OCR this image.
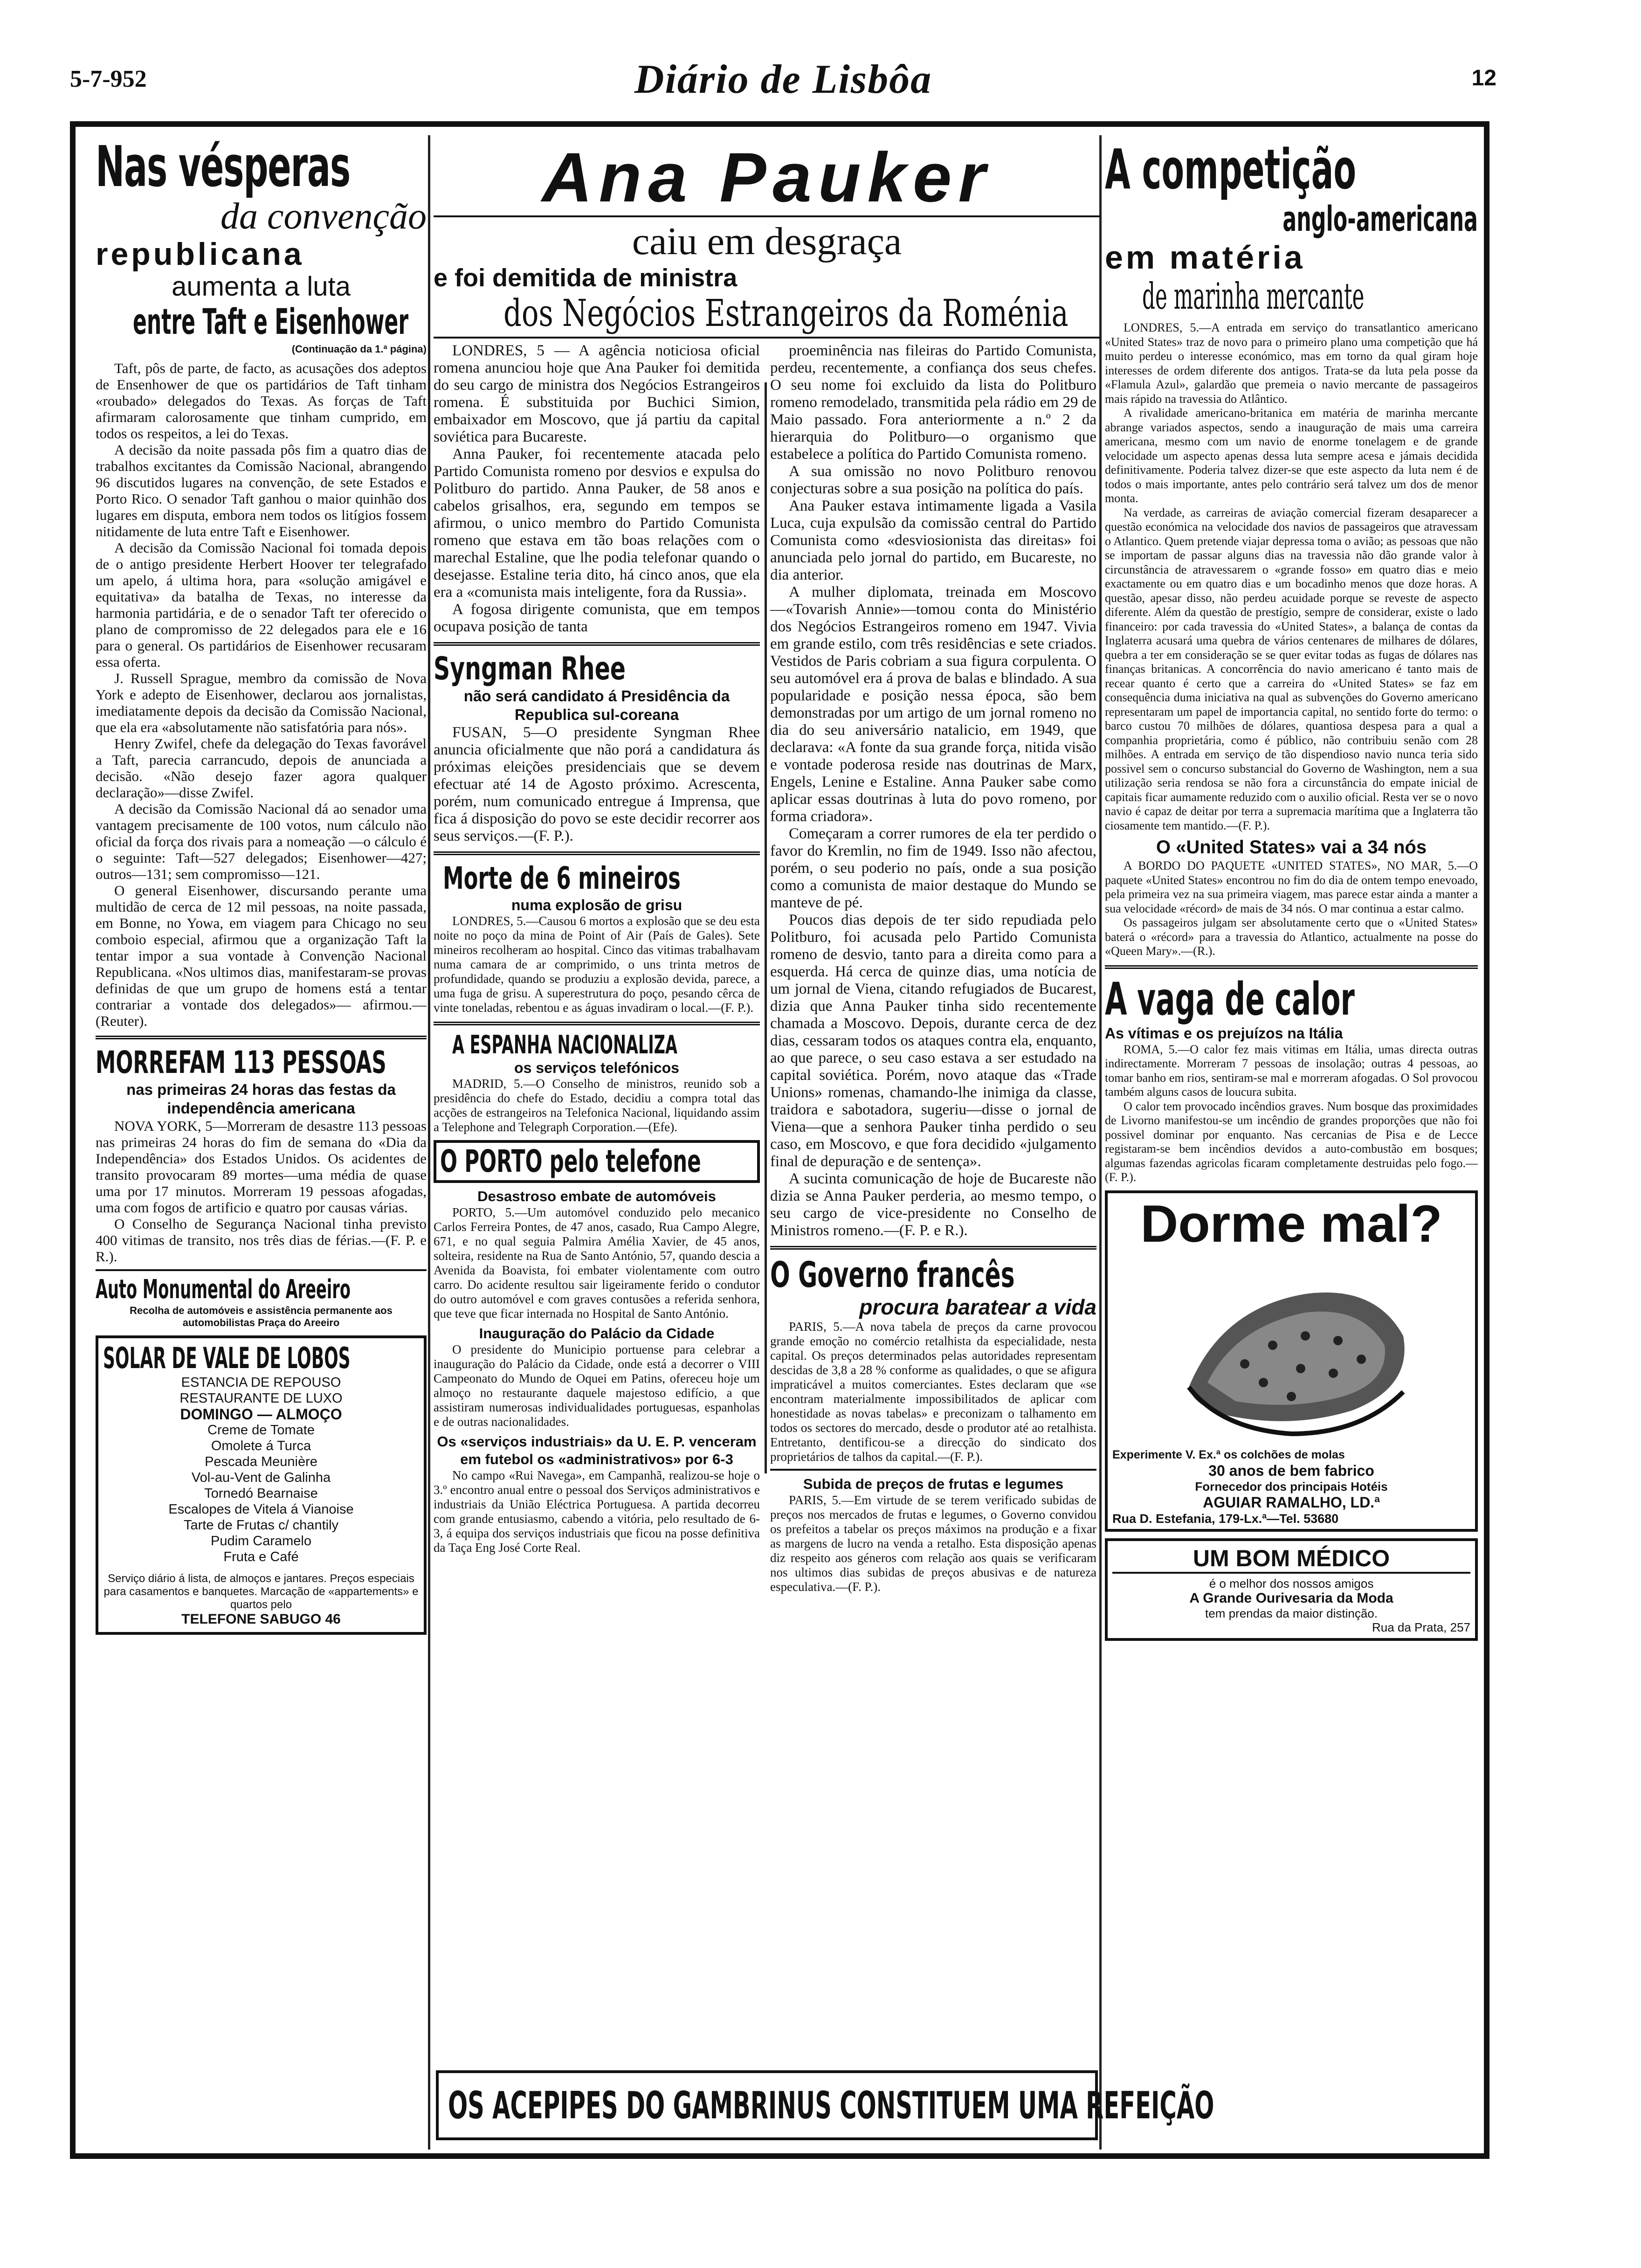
5-7-952	Diário de Lisbôa	12
Nas vésperas
da convenção
republicana
aumenta a luta
entre Taft e Eisenhower
(Continuação da 1.ª página)

Taft, pôs de parte, de facto, as acusações dos adeptos de Ensenhower de que os partidários de Taft tinham «roubado» delegados do Texas. As forças de Taft afirmaram calorosamente que tinham cumprido, em todos os respeitos, a lei do Texas.

A decisão da noite passada pôs fim a quatro dias de trabalhos excitantes da Comissão Nacional, abrangendo 96 discutidos lugares na convenção, de sete Estados e Porto Rico. O senador Taft ganhou o maior quinhão dos lugares em disputa, embora nem todos os litígios fossem nitidamente de luta entre Taft e Eisenhower.

A decisão da Comissão Nacional foi tomada depois de o antigo presidente Herbert Hoover ter telegrafado um apelo, á ultima hora, para «solução amigável e equitativa» da batalha de Texas, no interesse da harmonia partidária, e de o senador Taft ter oferecido o plano de compromisso de 22 delegados para ele e 16 para o general. Os partidários de Eisenhower recusaram essa oferta.

J. Russell Sprague, membro da comissão de Nova York e adepto de Eisenhower, declarou aos jornalistas, imediatamente depois da decisão da Comissão Nacional, que ela era «absolutamente não satisfatória para nós».

Henry Zwifel, chefe da delegação do Texas favorável a Taft, parecia carrancudo, depois de anunciada a decisão. «Não desejo fazer agora qualquer declaração»—disse Zwifel.

A decisão da Comissão Nacional dá ao senador uma vantagem precisamente de 100 votos, num cálculo não oficial da força dos rivais para a nomeação —o cálculo é o seguinte: Taft—527 delegados; Eisenhower—427; outros—131; sem compromisso—121.

O general Eisenhower, discursando perante uma multidão de cerca de 12 mil pessoas, na noite passada, em Bonne, no Yowa, em viagem para Chicago no seu comboio especial, afirmou que a organização Taft la tentar impor a sua vontade à Convenção Nacional Republicana. «Nos ultimos dias, manifestaram-se provas definidas de que um grupo de homens está a tentar contrariar a vontade dos delegados»— afirmou.—(Reuter).

MORREFAM 113 PESSOAS
nas primeiras 24 horas das festas da independência americana

NOVA YORK, 5—Morreram de desastre 113 pessoas nas primeiras 24 horas do fim de semana do «Dia da Independência» dos Estados Unidos. Os acidentes de transito provocaram 89 mortes—uma média de quase uma por 17 minutos. Morreram 19 pessoas afogadas, uma com fogos de artificio e quatro por causas várias.

O Conselho de Segurança Nacional tinha previsto 400 vitimas de transito, nos três dias de férias.—(F. P. e R.).

Auto Monumental do Areeiro
Recolha de automóveis e assistência permanente aos automobilistas Praça do Areeiro
SOLAR DE VALE DE LOBOS
ESTANCIA DE REPOUSO
RESTAURANTE DE LUXO
DOMINGO — ALMOÇO
Creme de Tomate
Omolete á Turca
Pescada Meunière
Vol-au-Vent de Galinha
Tornedó Bearnaise
Escalopes de Vitela á Vianoise
Tarte de Frutas c/ chantily
Pudim Caramelo
Fruta e Café
Serviço diário á lista, de almoços e jantares. Preços especiais para casamentos e banquetes. Marcação de «appartements» e quartos pelo
TELEFONE SABUGO 46
Ana Pauker
caiu em desgraça
e foi demitida de ministra
dos Negócios Estrangeiros da Roménia

LONDRES, 5 — A agência noticiosa oficial romena anunciou hoje que Ana Pauker foi demitida do seu cargo de ministra dos Negócios Estrangeiros romena. É substituida por Buchici Simion, embaixador em Moscovo, que já partiu da capital soviética para Bucareste.

Anna Pauker, foi recentemente atacada pelo Partido Comunista romeno por desvios e expulsa do Politburo do partido. Anna Pauker, de 58 anos e cabelos grisalhos, era, segundo em tempos se afirmou, o unico membro do Partido Comunista romeno que estava em tão boas relações com o marechal Estaline, que lhe podia telefonar quando o desejasse. Estaline teria dito, há cinco anos, que ela era a «comunista mais inteligente, fora da Russia».

A fogosa dirigente comunista, que em tempos ocupava posição de tanta

Syngman Rhee
não será candidato á Presidência da Republica sul-coreana

FUSAN, 5—O presidente Syngman Rhee anuncia oficialmente que não porá a candidatura ás próximas eleições presidenciais que se devem efectuar até 14 de Agosto próximo. Acrescenta, porém, num comunicado entregue á Imprensa, que fica á disposição do povo se este decidir recorrer aos seus serviços.—(F. P.).

Morte de 6 mineiros
numa explosão de grisu

LONDRES, 5.—Causou 6 mortos a explosão que se deu esta noite no poço da mina de Point of Air (País de Gales). Sete mineiros recolheram ao hospital. Cinco das vitimas trabalhavam numa camara de ar comprimido, o uns trinta metros de profundidade, quando se produziu a explosão devida, parece, a uma fuga de grisu. A superestrutura do poço, pesando cêrca de vinte toneladas, rebentou e as águas invadiram o local.—(F. P.).

A ESPANHA NACIONALIZA
os serviços telefónicos

MADRID, 5.—O Conselho de ministros, reunido sob a presidência do chefe do Estado, decidiu a compra total das acções de estrangeiros na Telefonica Nacional, liquidando assim a Telephone and Telegraph Corporation.—(Efe).

O PORTO pelo telefone
Desastroso embate de automóveis

PORTO, 5.—Um automóvel conduzido pelo mecanico Carlos Ferreira Pontes, de 47 anos, casado, Rua Campo Alegre, 671, e no qual seguia Palmira Amélia Xavier, de 45 anos, solteira, residente na Rua de Santo António, 57, quando descia a Avenida da Boavista, foi embater violentamente com outro carro. Do acidente resultou sair ligeiramente ferido o condutor do outro automóvel e com graves contusões a referida senhora, que teve que ficar internada no Hospital de Santo António.

Inauguração do Palácio da Cidade

O presidente do Municipio portuense para celebrar a inauguração do Palácio da Cidade, onde está a decorrer o VIII Campeonato do Mundo de Oquei em Patins, ofereceu hoje um almoço no restaurante daquele majestoso edifício, a que assistiram numerosas individualidades portuguesas, espanholas e de outras nacionalidades.

Os «serviços industriais» da U. E. P. venceram em futebol os «administrativos» por 6-3

No campo «Rui Navega», em Campanhã, realizou-se hoje o 3.º encontro anual entre o pessoal dos Serviços administrativos e industriais da União Eléctrica Portuguesa. A partida decorreu com grande entusiasmo, cabendo a vitória, pelo resultado de 6-3, á equipa dos serviços industriais que ficou na posse definitiva da Taça Eng José Corte Real.

proeminência nas fileiras do Partido Comunista, perdeu, recentemente, a confiança dos seus chefes. O seu nome foi excluido da lista do Politburo romeno remodelado, transmitida pela rádio em 29 de Maio passado. Fora anteriormente a n.º 2 da hierarquia do Politburo—o organismo que estabelece a política do Partido Comunista romeno.

A sua omissão no novo Politburo renovou conjecturas sobre a sua posição na política do país.

Ana Pauker estava intimamente ligada a Vasila Luca, cuja expulsão da comissão central do Partido Comunista como «desviosionista das direitas» foi anunciada pelo jornal do partido, em Bucareste, no dia anterior.

A mulher diplomata, treinada em Moscovo—«Tovarish Annie»—tomou conta do Ministério dos Negócios Estrangeiros romeno em 1947. Vivia em grande estilo, com três residências e sete criados. Vestidos de Paris cobriam a sua figura corpulenta. O seu automóvel era á prova de balas e blindado. A sua popularidade e posição nessa época, são bem demonstradas por um artigo de um jornal romeno no dia do seu aniversário natalicio, em 1949, que declarava: «A fonte da sua grande força, nitida visão e vontade poderosa reside nas doutrinas de Marx, Engels, Lenine e Estaline. Anna Pauker sabe como aplicar essas doutrinas à luta do povo romeno, por forma criadora».

Começaram a correr rumores de ela ter perdido o favor do Kremlin, no fim de 1949. Isso não afectou, porém, o seu poderio no país, onde a sua posição como a comunista de maior destaque do Mundo se manteve de pé.

Poucos dias depois de ter sido repudiada pelo Politburo, foi acusada pelo Partido Comunista romeno de desvio, tanto para a direita como para a esquerda. Há cerca de quinze dias, uma notícia de um jornal de Viena, citando refugiados de Bucarest, dizia que Anna Pauker tinha sido recentemente chamada a Moscovo. Depois, durante cerca de dez dias, cessaram todos os ataques contra ela, enquanto, ao que parece, o seu caso estava a ser estudado na capital soviética. Porém, novo ataque das «Trade Unions» romenas, chamando-lhe inimiga da classe, traidora e sabotadora, sugeriu—disse o jornal de Viena—que a senhora Pauker tinha perdido o seu caso, em Moscovo, e que fora decidido «julgamento final de depuração e de sentença».

A sucinta comunicação de hoje de Bucareste não dizia se Anna Pauker perderia, ao mesmo tempo, o seu cargo de vice-presidente no Conselho de Ministros romeno.—(F. P. e R.).

O Governo francês
procura baratear a vida

PARIS, 5.—A nova tabela de preços da carne provocou grande emoção no comércio retalhista da especialidade, nesta capital. Os preços determinados pelas autoridades representam descidas de 3,8 a 28 % conforme as qualidades, o que se afigura impraticável a muitos comerciantes. Estes declaram que «se encontram materialmente impossibilitados de aplicar com honestidade as novas tabelas» e preconizam o talhamento em todos os sectores do mercado, desde o produtor até ao retalhista. Entretanto, dentificou-se a direcção do sindicato dos proprietários de talhos da capital.—(F. P.).

Subida de preços de frutas e legumes

PARIS, 5.—Em virtude de se terem verificado subidas de preços nos mercados de frutas e legumes, o Governo convidou os prefeitos a tabelar os preços máximos na produção e a fixar as margens de lucro na venda a retalho. Esta disposição apenas diz respeito aos géneros com relação aos quais se verificaram nos ultimos dias subidas de preços abusivas e de natureza especulativa.—(F. P.).

OS ACEPIPES DO GAMBRINUS CONSTITUEM UMA REFEIÇÃO
A competição
anglo-americana
em matéria
de marinha mercante

LONDRES, 5.—A entrada em serviço do transatlantico americano «United States» traz de novo para o primeiro plano uma competição que há muito perdeu o interesse económico, mas em torno da qual giram hoje interesses de ordem diferente dos antigos. Trata-se da luta pela posse da «Flamula Azul», galardão que premeia o navio mercante de passageiros mais rápido na travessia do Atlântico.

A rivalidade americano-britanica em matéria de marinha mercante abrange variados aspectos, sendo a inauguração de mais uma carreira americana, mesmo com um navio de enorme tonelagem e de grande velocidade um aspecto apenas dessa luta sempre acesa e jámais decidida definitivamente. Poderia talvez dizer-se que este aspecto da luta nem é de todos o mais importante, antes pelo contrário será talvez um dos de menor monta.

Na verdade, as carreiras de aviação comercial fizeram desaparecer a questão económica na velocidade dos navios de passageiros que atravessam o Atlantico. Quem pretende viajar depressa toma o avião; as pessoas que não se importam de passar alguns dias na travessia não dão grande valor à circunstância de atravessarem o «grande fosso» em quatro dias e meio exactamente ou em quatro dias e um bocadinho menos que doze horas. A questão, apesar disso, não perdeu acuidade porque se reveste de aspecto diferente. Além da questão de prestígio, sempre de considerar, existe o lado financeiro: por cada travessia do «United States», a balança de contas da Inglaterra acusará uma quebra de vários centenares de milhares de dólares, quebra a ter em consideração se se quer evitar todas as fugas de dólares nas finanças britanicas. A concorrência do navio americano é tanto mais de recear quanto é certo que a carreira do «United States» se faz em consequência duma iniciativa na qual as subvenções do Governo americano representaram um papel de importancia capital, no sentido forte do termo: o barco custou 70 milhões de dólares, quantiosa despesa para a qual a companhia proprietária, como é público, não contribuiu senão com 28 milhões. A entrada em serviço de tão dispendioso navio nunca teria sido possivel sem o concurso substancial do Governo de Washington, nem a sua utilização seria rendosa se não fora a circunstância do empate inicial de capitais ficar aumamente reduzido com o auxilio oficial. Resta ver se o novo navio é capaz de deitar por terra a supremacia marítima que a Inglaterra tão ciosamente tem mantido.—(F. P.).

O «United States» vai a 34 nós

A BORDO DO PAQUETE «UNITED STATES», NO MAR, 5.—O paquete «United States» encontrou no fim do dia de ontem tempo enevoado, pela primeira vez na sua primeira viagem, mas parece estar ainda a manter a sua velocidade «récord» de mais de 34 nós. O mar continua a estar calmo.

Os passageiros julgam ser absolutamente certo que o «United States» baterá o «récord» para a travessia do Atlantico, actualmente na posse do «Queen Mary».—(R.).

A vaga de calor
As vítimas e os prejuízos na Itália

ROMA, 5.—O calor fez mais vitimas em Itália, umas directa outras indirectamente. Morreram 7 pessoas de insolação; outras 4 pessoas, ao tomar banho em rios, sentiram-se mal e morreram afogadas. O Sol provocou também alguns casos de loucura subita.

O calor tem provocado incêndios graves. Num bosque das proximidades de Livorno manifestou-se um incêndio de grandes proporções que não foi possivel dominar por enquanto. Nas cercanias de Pisa e de Lecce registaram-se bem incêndios devidos a auto-combustão em bosques; algumas fazendas agricolas ficaram completamente destruidas pelo fogo.—(F. P.).

Dorme mal?
Experimente V. Ex.ª os colchões de molas
30 anos de bem fabrico
Fornecedor dos principais Hotéis
AGUIAR RAMALHO, LD.ª
Rua D. Estefania, 179-Lx.ª—Tel. 53680
UM BOM MÉDICO
é o melhor dos nossos amigos
A Grande Ourivesaria da Moda
tem prendas da maior distinção.
Rua da Prata, 257
